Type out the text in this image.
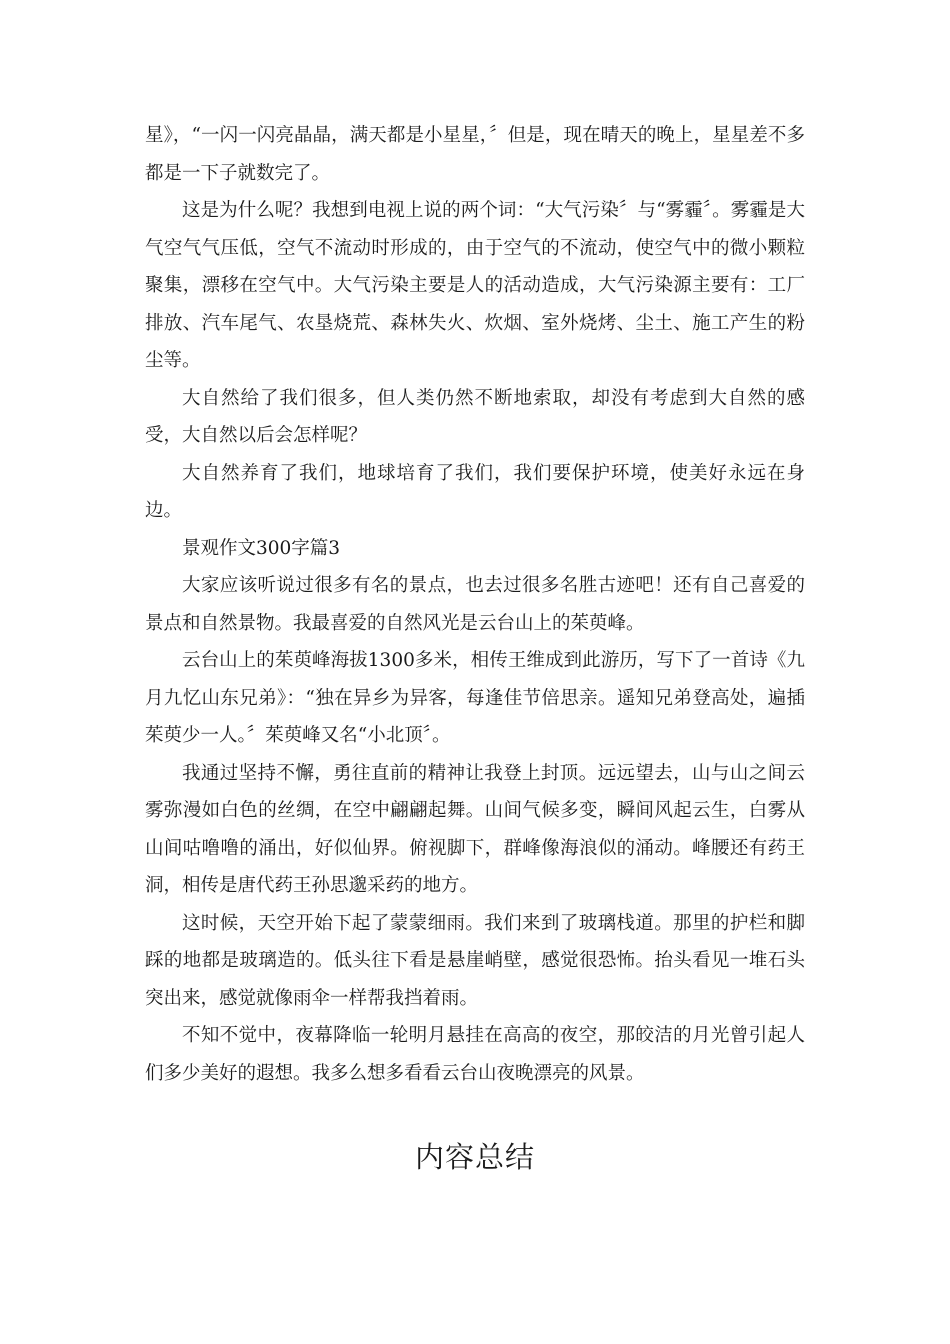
星》，“一闪一闪亮晶晶，满天都是小星星，〞但是，现在晴天的晚上，星星差不多都是一下子就数完了。

这是为什么呢？我想到电视上说的两个词：“大气污染〞与“雾霾〞。雾霾是大气空气气压低，空气不流动时形成的，由于空气的不流动，使空气中的微小颗粒聚集，漂移在空气中。大气污染主要是人的活动造成，大气污染源主要有：工厂排放、汽车尾气、农垦烧荒、森林失火、炊烟、室外烧烤、尘土、施工产生的粉尘等。

大自然给了我们很多，但人类仍然不断地索取，却没有考虑到大自然的感受，大自然以后会怎样呢？

大自然养育了我们，地球培育了我们，我们要保护环境，使美好永远在身边。

景观作文300字篇3

大家应该听说过很多有名的景点，也去过很多名胜古迹吧！还有自己喜爱的景点和自然景物。我最喜爱的自然风光是云台山上的茱萸峰。

云台山上的茱萸峰海拔1300多米，相传王维成到此游历，写下了一首诗《九月九忆山东兄弟》：“独在异乡为异客，每逢佳节倍思亲。遥知兄弟登高处，遍插茱萸少一人。〞茱萸峰又名“小北顶〞。

我通过坚持不懈，勇往直前的精神让我登上封顶。远远望去，山与山之间云雾弥漫如白色的丝绸，在空中翩翩起舞。山间气候多变，瞬间风起云生，白雾从山间咕噜噜的涌出，好似仙界。俯视脚下，群峰像海浪似的涌动。峰腰还有药王洞，相传是唐代药王孙思邈采药的地方。

这时候，天空开始下起了蒙蒙细雨。我们来到了玻璃栈道。那里的护栏和脚踩的地都是玻璃造的。低头往下看是悬崖峭壁，感觉很恐怖。抬头看见一堆石头突出来，感觉就像雨伞一样帮我挡着雨。

不知不觉中，夜幕降临一轮明月悬挂在高高的夜空，那皎洁的月光曾引起人们多少美好的遐想。我多么想多看看云台山夜晚漂亮的风景。

内容总结
